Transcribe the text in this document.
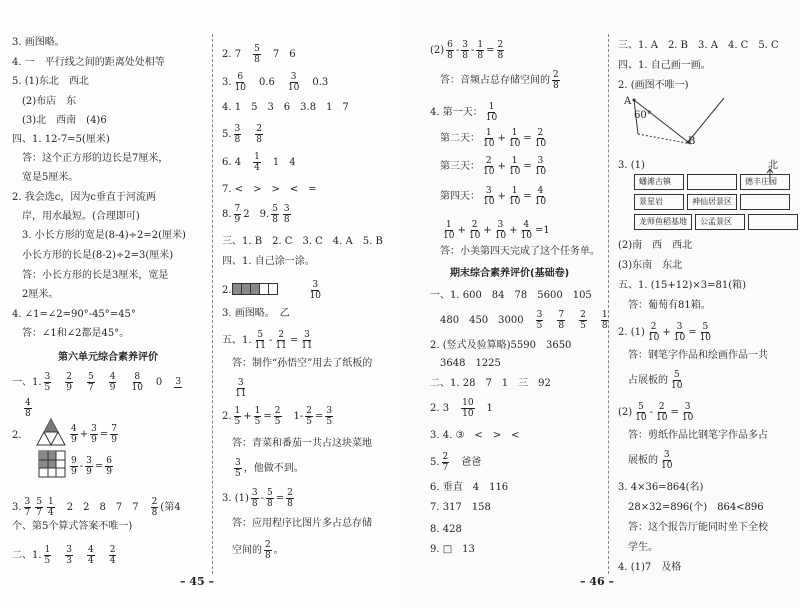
3. 画图略。
4. 一　平行线之间的距离处处相等
5. (1)东北　西北
(2)布店　东
(3)北　西南　(4)6
四、1. 12-7=5(厘米)
答：这个正方形的边长是7厘米，
宽是5厘米。
2. 我会选c，因为c垂直于河流两
岸，用水最短。(合理即可)
3. 小长方形的宽是(8-4)÷2=2(厘米)
小长方形的长是(8-2)÷2=3(厘米)
答：小长方形的长是3厘米，宽是
2厘米。
4. ∠1=∠2=90°-45°=45°
答：∠1和∠2都是45°。
第六单元综合素养评价
一、1. $\frac{3}{5}$
　 $\frac{2}{9}$
　 $\frac{5}{7}$
　 $\frac{4}{9}$
　 $\frac{8}{10}$ 　0　 3
$\frac{4}{8}$
2.	$\frac{4}{9} + \frac{3}{9} = \frac{7}{9}$
$\frac{9}{9} - \frac{3}{9} = \frac{6}{9}$
3. $\frac{3}{7} \frac{5}{7} \frac{1}{4}$ 　2　2　8　7　7　 $\frac{2}{8}$ (第4
个、第5个算式答案不唯一)
二、1. $\frac{1}{5}$
　 $\frac{3}{3}$
　 $\frac{4}{4}$
　 $\frac{2}{4}$
2. 7　 $\frac{5}{8}$
　 7　6
3. $\frac{6}{10}$
　 0.6　 $\frac{3}{10}$
　 0.3
4. 1　5　3　6　3.8　1　7
5. $\frac{3}{8}$
　 $\frac{2}{8}$
6. 4　 $\frac{1}{4}$
　 1　4
7. <　>　>　<　=
8. $\frac{7}{9} 2$　9. $\frac{5}{8} \frac{3}{8}$
三、1. B　2. C　3. C　4. A　5. B
四、1. 自己涂一涂。
2.　　　	$\frac{3}{10}$
3. 画图略。　乙
五、1. $\frac{5}{11} - \frac{2}{11} = \frac{3}{11}$
答：制作“孙悟空”用去了纸板的
$\frac{3}{11}$
2. $\frac{1}{5} + \frac{1}{5} = \frac{2}{5}$ 　$1- \frac{2}{5} = \frac{3}{5}$
答：青菜和番茄一共占这块菜地
$\frac{3}{5}$ ，他做不到。
3. $(1) \frac{3}{8} - \frac{5}{8} = \frac{2}{8}$
答：应用程序比图片多占总存储
空间的 $\frac{2}{8}$ 。
– 45 –
$(2) \frac{6}{8} - \frac{3}{8} - \frac{1}{8} = \frac{2}{8}$
答：音频占总存储空间的 $\frac{2}{8}$
4. 第一天： $\frac{1}{10}$
第二天： $\frac{1}{10} + \frac{1}{10} = \frac{2}{10}$
第三天： $\frac{2}{10} + \frac{1}{10} = \frac{3}{10}$
第四天： $\frac{3}{10} + \frac{1}{10} = \frac{4}{10}$
$\frac{1}{10} + \frac{2}{10} + \frac{3}{10} + \frac{4}{10} =1$
答：小美第四天完成了这个任务单。
期末综合素养评价(基础卷)
一、1. 600　84　78　5600　105
480　450　3000　 $\frac{3}{5}$
　 $\frac{7}{8}$
　 $\frac{2}{5}$
　 $\frac{1}{8}$
2. (竖式及验算略)5590　3650
3648　1225
二、1. 28　7　1　三　92
2. 3　 $\frac{10}{10}$
　 1
3. 4. ③　<　>　<
5. $\frac{2}{7}$
　 爸爸
6. 垂直　4　116
7. 317　158
8. 428
9. □　13
三、1. A　2. B　3. A　4. C　5. C
四、1. 自己画一画。
2. (画图不唯一)
A
60°
B
3. (1)	北
蟠滩古镇	德丰庄园
景星岩	神仙居景区
龙师鱼稻基地 公孟景区
(2)南　西　西北
(3)东南　东北
五、1. (15+12)×3=81(箱)
答：葡萄有81箱。
2. $(1) \frac{2}{10} + \frac{3}{10} = \frac{5}{10}$
答：钢笔字作品和绘画作品一共
占展板的 $\frac{5}{10}$
$(2) \frac{5}{10} - \frac{2}{10} = \frac{3}{10}$
答：剪纸作品比钢笔字作品多占
展板的 $\frac{3}{10}$
3. 4×36=864(名)
28×32=896(个)　864<896
答：这个报告厅能同时坐下全校
学生。
4. (1)7　及格
– 46 –
